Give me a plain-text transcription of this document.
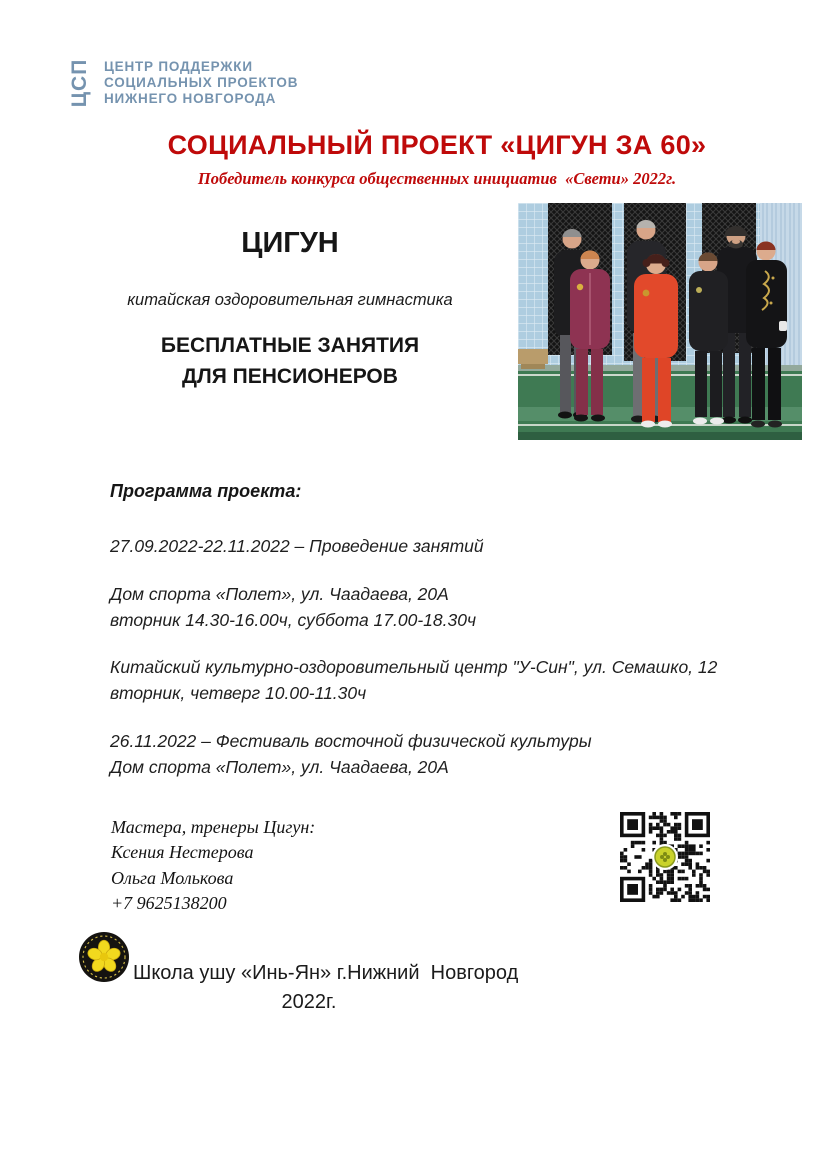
ЦСП ЦЕНТР ПОДДЕРЖКИ
СОЦИАЛЬНЫХ ПРОЕКТОВ
НИЖНЕГО НОВГОРОДА
СОЦИАЛЬНЫЙ ПРОЕКТ «ЦИГУН ЗА 60»
Победитель конкурса общественных инициатив  «Свети» 2022г.
ЦИГУН
китайская оздоровительная гимнастика
БЕСПЛАТНЫЕ ЗАНЯТИЯ
ДЛЯ ПЕНСИОНЕРОВ
Программа проекта:
27.09.2022-22.11.2022 – Проведение занятий
Дом спорта «Полет», ул. Чаадаева, 20А
вторник 14.30-16.00ч, суббота 17.00-18.30ч
Китайский культурно-оздоровительный центр "У-Син", ул. Семашко, 12
вторник, четверг 10.00-11.30ч
26.11.2022 – Фестиваль восточной физической культуры
Дом спорта «Полет», ул. Чаадаева, 20А
Мастера, тренеры Цигун:
Ксения Нестерова
Ольга Молькова
+7 9625138200
Школа ушу «Инь-Ян» г.Нижний  Новгород
2022г.
